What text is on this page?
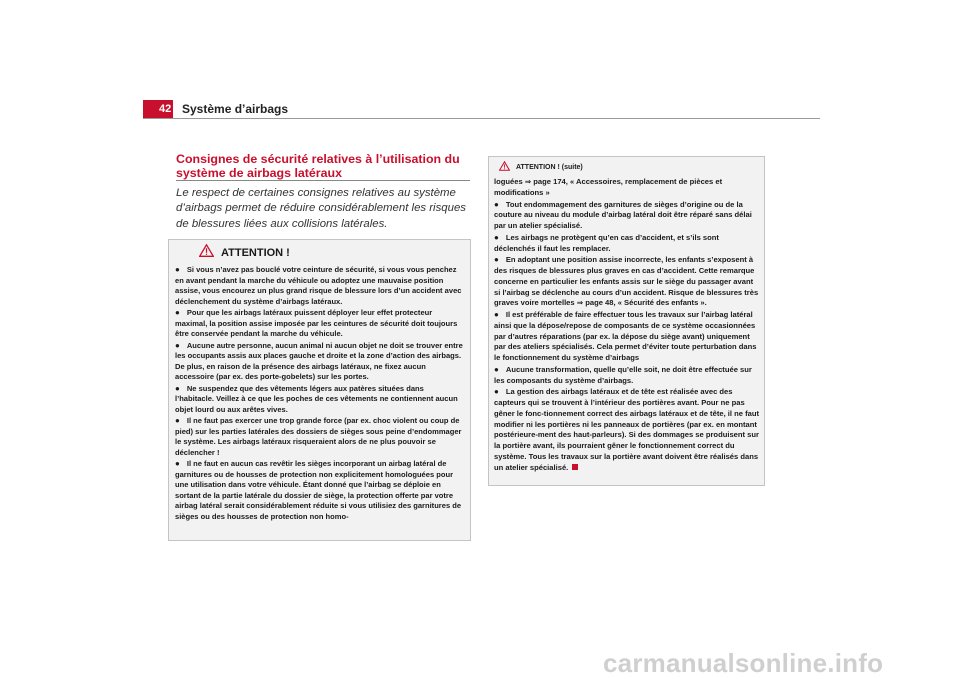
42 Système d’airbags
Consignes de sécurité relatives à l’utilisation du système de airbags latéraux
Le respect de certaines consignes relatives au système d’airbags permet de réduire considérablement les risques de blessures liées aux collisions latérales.
ATTENTION !

● Si vous n’avez pas bouclé votre ceinture de sécurité, si vous vous penchez en avant pendant la marche du véhicule ou adoptez une mauvaise position assise, vous encourez un plus grand risque de blessure lors d’un accident avec déclenchement du système d’airbags latéraux.

● Pour que les airbags latéraux puissent déployer leur effet protecteur maximal, la position assise imposée par les ceintures de sécurité doit toujours être conservée pendant la marche du véhicule.

● Aucune autre personne, aucun animal ni aucun objet ne doit se trouver entre les occupants assis aux places gauche et droite et la zone d’action des airbags. De plus, en raison de la présence des airbags latéraux, ne fixez aucun accessoire (par ex. des porte-gobelets) sur les portes.

● Ne suspendez que des vêtements légers aux patères situées dans l’habitacle. Veillez à ce que les poches de ces vêtements ne contiennent aucun objet lourd ou aux arêtes vives.

● Il ne faut pas exercer une trop grande force (par ex. choc violent ou coup de pied) sur les parties latérales des dossiers de sièges sous peine d’endommager le système. Les airbags latéraux risqueraient alors de ne plus pouvoir se déclencher !

● Il ne faut en aucun cas revêtir les sièges incorporant un airbag latéral de garnitures ou de housses de protection non explicitement homologuées pour une utilisation dans votre véhicule. Étant donné que l’airbag se déploie en sortant de la partie latérale du dossier de siège, la protection offerte par votre airbag latéral serait considérablement réduite si vous utilisiez des garnitures de sièges ou des housses de protection non homo-

ATTENTION ! (suite)

loguées ⇒ page 174, « Accessoires, remplacement de pièces et modifications »

● Tout endommagement des garnitures de sièges d’origine ou de la couture au niveau du module d’airbag latéral doit être réparé sans délai par un atelier spécialisé.

● Les airbags ne protègent qu’en cas d’accident, et s’ils sont déclenchés il faut les remplacer.

● En adoptant une position assise incorrecte, les enfants s’exposent à des risques de blessures plus graves en cas d’accident. Cette remarque concerne en particulier les enfants assis sur le siège du passager avant si l’airbag se déclenche au cours d’un accident. Risque de blessures très graves voire mortelles ⇒ page 48, « Sécurité des enfants ».

● Il est préférable de faire effectuer tous les travaux sur l’airbag latéral ainsi que la dépose/repose de composants de ce système occasionnées par d’autres réparations (par ex. la dépose du siège avant) uniquement par des ateliers spécialisés. Cela permet d’éviter toute perturbation dans le fonctionnement du système d’airbags

● Aucune transformation, quelle qu’elle soit, ne doit être effectuée sur les composants du système d’airbags.

● La gestion des airbags latéraux et de tête est réalisée avec des capteurs qui se trouvent à l’intérieur des portières avant. Pour ne pas gêner le fonc-tionnement correct des airbags latéraux et de tête, il ne faut modifier ni les portières ni les panneaux de portières (par ex. en montant postérieure-ment des haut-parleurs). Si des dommages se produisent sur la portière avant, ils pourraient gêner le fonctionnement correct du système. Tous les travaux sur la portière avant doivent être réalisés dans un atelier spécialisé.

carmanualsonline.info
